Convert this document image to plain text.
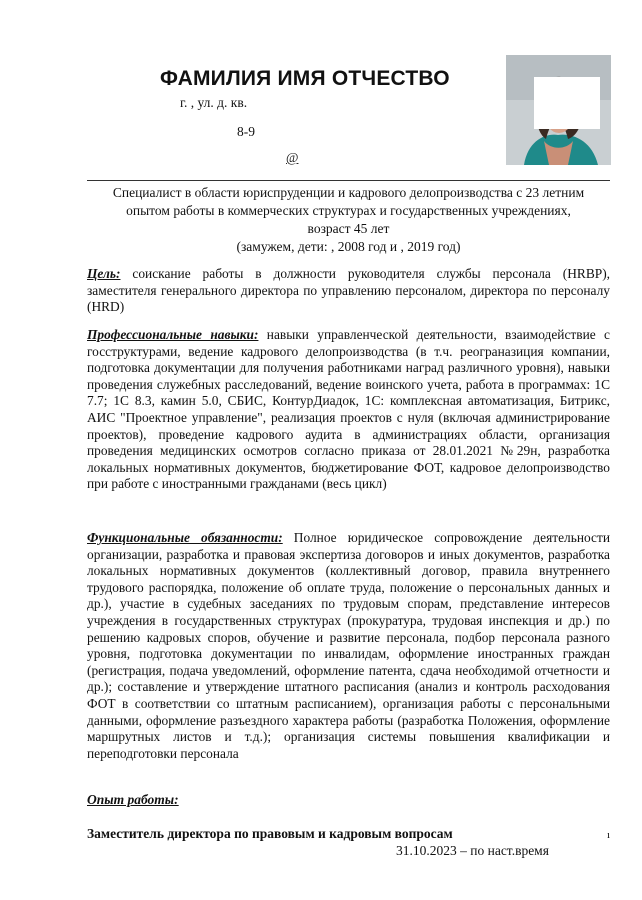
ФАМИЛИЯ ИМЯ ОТЧЕСТВО
г. , ул. д. кв.
8-9
@
Специалист в области юриспруденции и кадрового делопроизводства с 23 летним
опытом работы в коммерческих структурах и государственных учреждениях,
возраст 45 лет
(замужем, дети: , 2008 год и , 2019 год)
Цель: соискание работы в должности руководителя службы персонала (HRBP), заместителя генерального директора по управлению персоналом, директора по персоналу (HRD)
Профессиональные навыки: навыки управленческой деятельности, взаимодействие с госструктурами, ведение кадрового делопроизводства (в т.ч. реограназиция компании, подготовка документации для получения работниками наград различного уровня), навыки проведения служебных расследований, ведение воинского учета, работа в программах: 1С 7.7; 1С 8.3, камин 5.0, СБИС, КонтурДиадок, 1С: комплексная автоматизация, Битрикс, АИС "Проектное управление", реализация проектов с нуля (включая администрирование проектов), проведение кадрового аудита в администрациях области, организация проведения медицинских осмотров согласно приказа от 28.01.2021 №29н, разработка локальных нормативных документов, бюджетирование ФОТ, кадровое делопроизводство при работе с иностранными гражданами (весь цикл)
Функциональные обязанности: Полное юридическое сопровождение деятельности организации, разработка и правовая экспертиза договоров и иных документов, разработка локальных нормативных документов (коллективный договор, правила внутреннего трудового распорядка, положение об оплате труда, положение о персональных данных и др.), участие в судебных заседаниях по трудовым спорам, представление интересов учреждения в государственных структурах (прокуратура, трудовая инспекция и др.) по решению кадровых споров, обучение и развитие персонала, подбор персонала разного уровня, подготовка документации по инвалидам, оформление иностранных граждан (регистрация, подача уведомлений, оформление патента, сдача необходимой отчетности и др.); составление и утверждение штатного расписания (анализ и контроль расходования ФОТ в соответствии со штатным расписанием), организация работы с персональными данными, оформление разъездного характера работы (разработка Положения, оформление маршрутных листов и т.д.); организация системы повышения квалификации и переподготовки персонала
Опыт работы:
Заместитель директора по правовым и кадровым вопросам	ı
31.10.2023 – по наст.время
